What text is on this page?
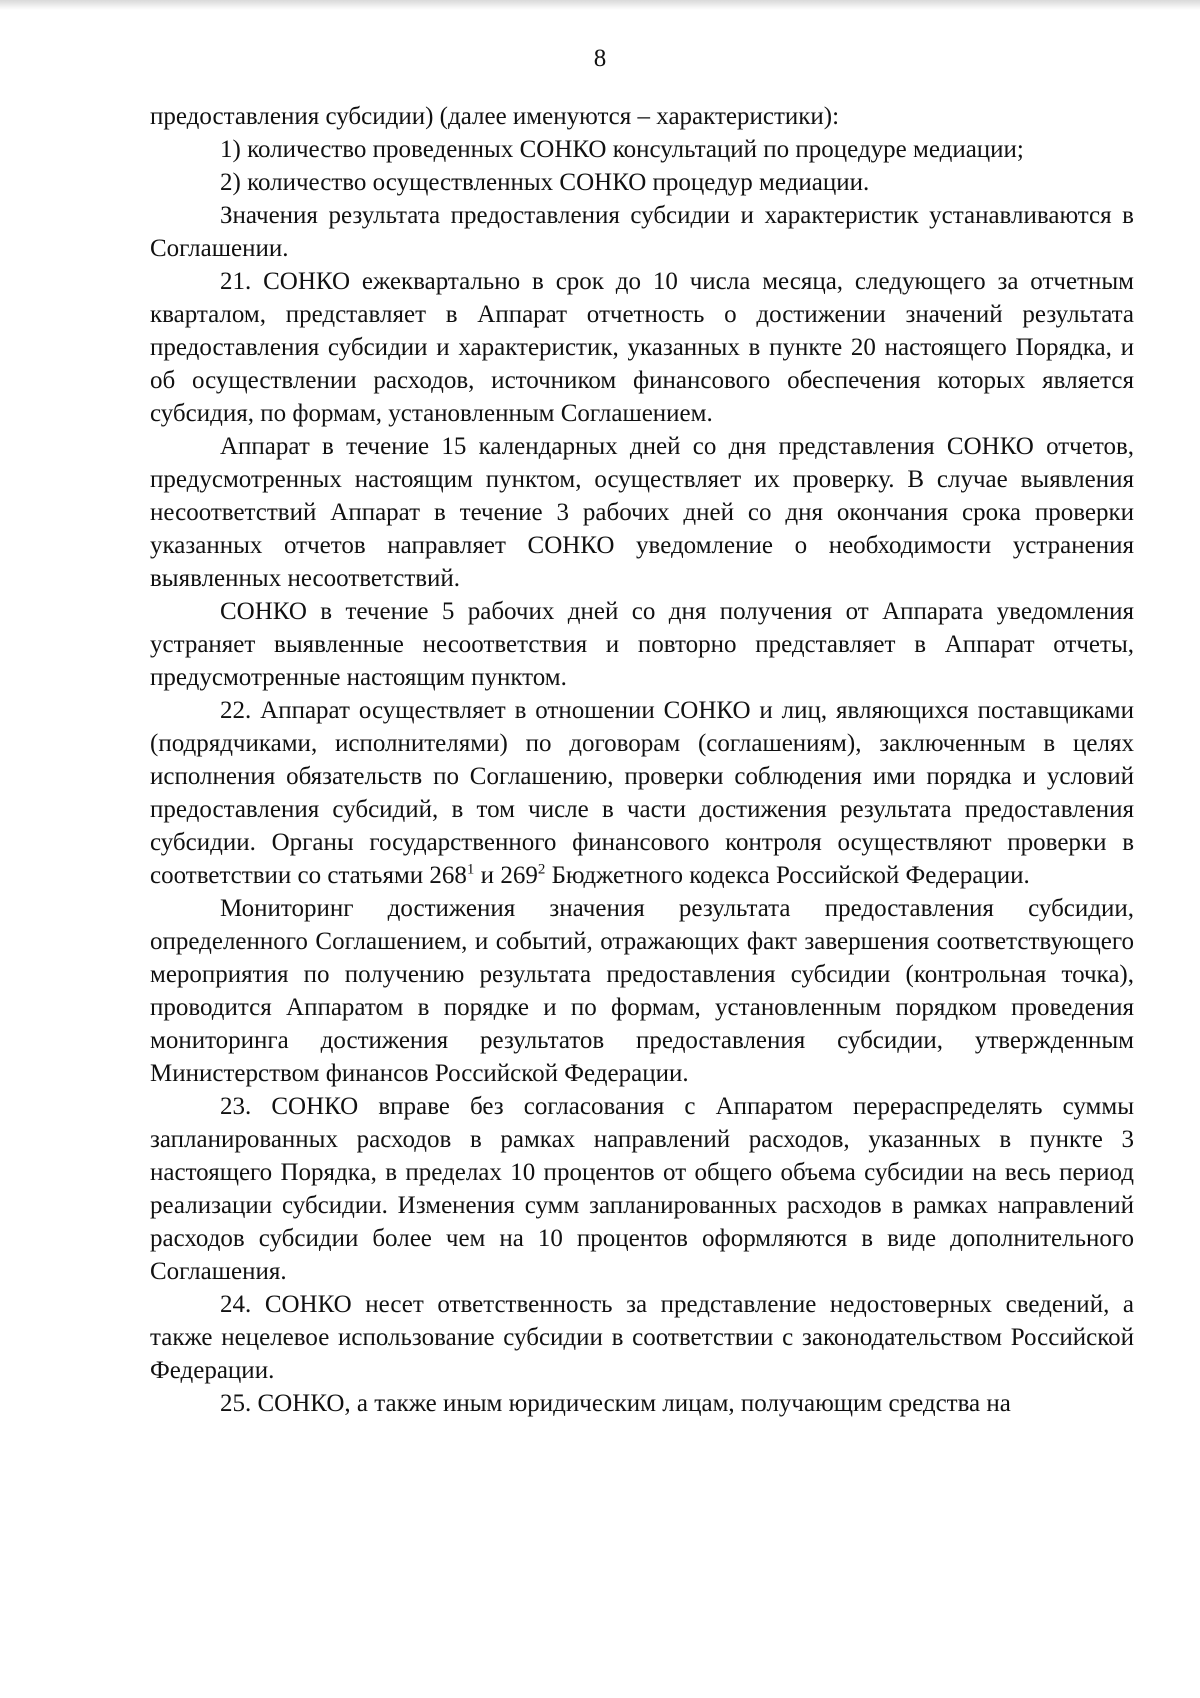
8

предоставления субсидии) (далее именуются – характеристики):

1) количество проведенных СОНКО консультаций по процедуре медиации;

2) количество осуществленных СОНКО процедур медиации.

Значения результата предоставления субсидии и характеристик устанавливаются в Соглашении.

21. СОНКО ежеквартально в срок до 10 числа месяца, следующего за отчетным кварталом, представляет в Аппарат отчетность о достижении значений результата предоставления субсидии и характеристик, указанных в пункте 20 настоящего Порядка, и об осуществлении расходов, источником финансового обеспечения которых является субсидия, по формам, установленным Соглашением.

Аппарат в течение 15 календарных дней со дня представления СОНКО отчетов, предусмотренных настоящим пунктом, осуществляет их проверку. В случае выявления несоответствий Аппарат в течение 3 рабочих дней со дня окончания срока проверки указанных отчетов направляет СОНКО уведомление о необходимости устранения выявленных несоответствий.

СОНКО в течение 5 рабочих дней со дня получения от Аппарата уведомления устраняет выявленные несоответствия и повторно представляет в Аппарат отчеты, предусмотренные настоящим пунктом.

22. Аппарат осуществляет в отношении СОНКО и лиц, являющихся поставщиками (подрядчиками, исполнителями) по договорам (соглашениям), заключенным в целях исполнения обязательств по Соглашению, проверки соблюдения ими порядка и условий предоставления субсидий, в том числе в части достижения результата предоставления субсидии. Органы государственного финансового контроля осуществляют проверки в соответствии со статьями $268^1$ и $269^2$ Бюджетного кодекса Российской Федерации.

Мониторинг достижения значения результата предоставления субсидии, определенного Соглашением, и событий, отражающих факт завершения соответствующего мероприятия по получению результата предоставления субсидии (контрольная точка), проводится Аппаратом в порядке и по формам, установленным порядком проведения мониторинга достижения результатов предоставления субсидии, утвержденным Министерством финансов Российской Федерации.

23. СОНКО вправе без согласования с Аппаратом перераспределять суммы запланированных расходов в рамках направлений расходов, указанных в пункте 3 настоящего Порядка, в пределах 10 процентов от общего объема субсидии на весь период реализации субсидии. Изменения сумм запланированных расходов в рамках направлений расходов субсидии более чем на 10 процентов оформляются в виде дополнительного Соглашения.

24. СОНКО несет ответственность за представление недостоверных сведений, а также нецелевое использование субсидии в соответствии с законодательством Российской Федерации.

25. СОНКО, а также иным юридическим лицам, получающим средства на
